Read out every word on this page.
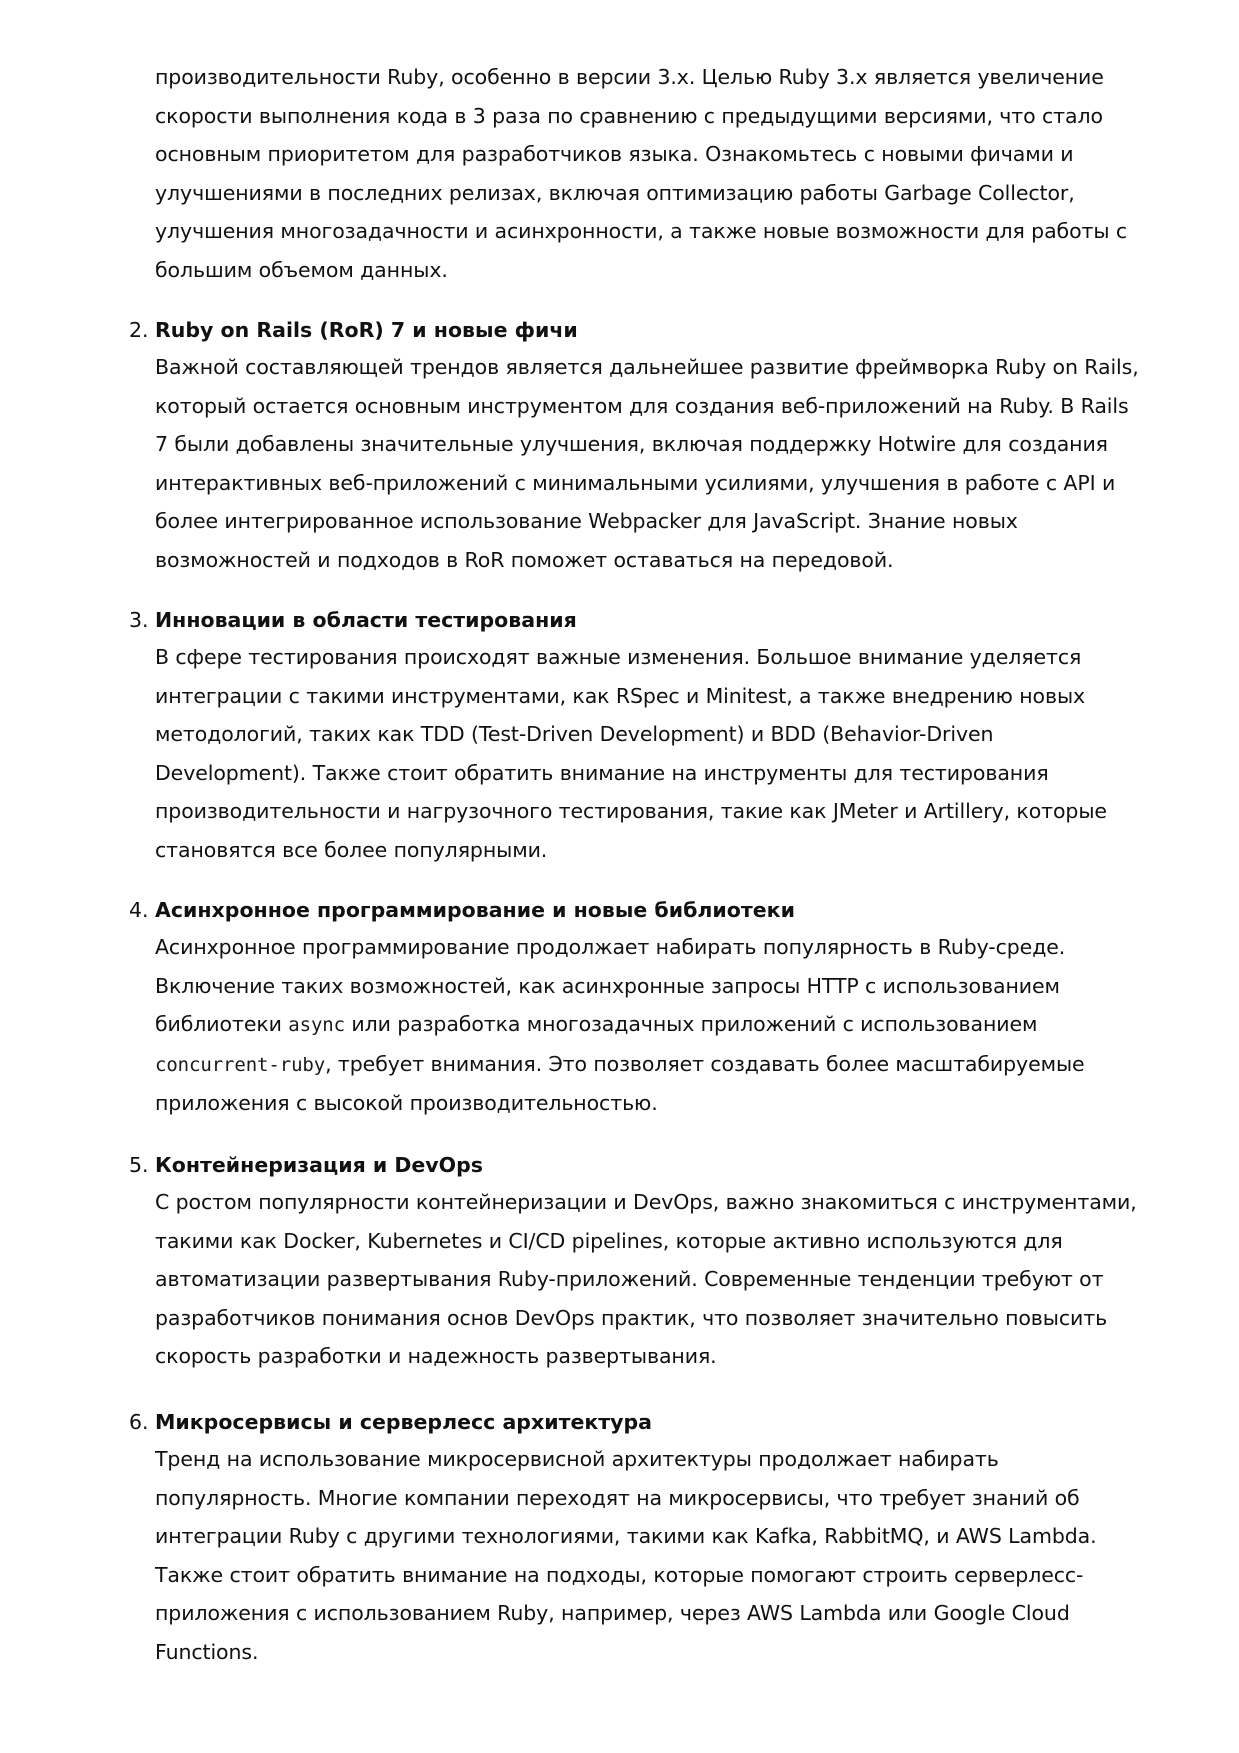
производительности Ruby, особенно в версии 3.x. Целью Ruby 3.x является увеличение скорости выполнения кода в 3 раза по сравнению с предыдущими версиями, что стало основным приоритетом для разработчиков языка. Ознакомьтесь с новыми фичами и улучшениями в последних релизах, включая оптимизацию работы Garbage Collector, улучшения многозадачности и асинхронности, а также новые возможности для работы с большим объемом данных.

2. Ruby on Rails (RoR) 7 и новые фичи

Важной составляющей трендов является дальнейшее развитие фреймворка Ruby on Rails, который остается основным инструментом для создания веб-приложений на Ruby. В Rails 7 были добавлены значительные улучшения, включая поддержку Hotwire для создания интерактивных веб-приложений с минимальными усилиями, улучшения в работе с API и более интегрированное использование Webpacker для JavaScript. Знание новых возможностей и подходов в RoR поможет оставаться на передовой.

3. Инновации в области тестирования

В сфере тестирования происходят важные изменения. Большое внимание уделяется интеграции с такими инструментами, как RSpec и Minitest, а также внедрению новых методологий, таких как TDD (Test-Driven Development) и BDD (Behavior-Driven Development). Также стоит обратить внимание на инструменты для тестирования производительности и нагрузочного тестирования, такие как JMeter и Artillery, которые становятся все более популярными.

4. Асинхронное программирование и новые библиотеки

Асинхронное программирование продолжает набирать популярность в Ruby-среде. Включение таких возможностей, как асинхронные запросы HTTP с использованием библиотеки async или разработка многозадачных приложений с использованием concurrent-ruby, требует внимания. Это позволяет создавать более масштабируемые приложения с высокой производительностью.

5. Контейнеризация и DevOps

С ростом популярности контейнеризации и DevOps, важно знакомиться с инструментами, такими как Docker, Kubernetes и CI/CD pipelines, которые активно используются для автоматизации развертывания Ruby-приложений. Современные тенденции требуют от разработчиков понимания основ DevOps практик, что позволяет значительно повысить скорость разработки и надежность развертывания.

6. Микросервисы и серверлесс архитектура

Тренд на использование микросервисной архитектуры продолжает набирать популярность. Многие компании переходят на микросервисы, что требует знаний об интеграции Ruby с другими технологиями, такими как Kafka, RabbitMQ, и AWS Lambda. Также стоит обратить внимание на подходы, которые помогают строить серверлесс-приложения с использованием Ruby, например, через AWS Lambda или Google Cloud Functions.
